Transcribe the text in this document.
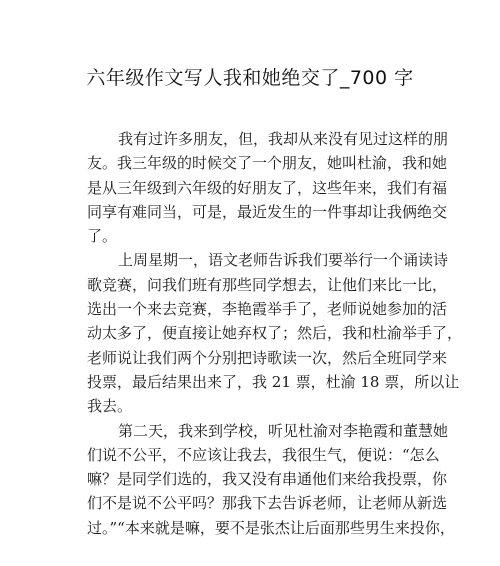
六年级作文写人我和她绝交了_700 字
我有过许多朋友，但，我却从来没有见过这样的朋
友。我三年级的时候交了一个朋友，她叫杜渝，我和她
是从三年级到六年级的好朋友了，这些年来，我们有福
同享有难同当，可是，最近发生的一件事却让我俩绝交
了。
上周星期一，语文老师告诉我们要举行一个诵读诗
歌竞赛，问我们班有那些同学想去，让他们来比一比，
选出一个来去竞赛，李艳霞举手了，老师说她参加的活
动太多了，便直接让她弃权了；然后，我和杜渝举手了，
老师说让我们两个分别把诗歌读一次，然后全班同学来
投票，最后结果出来了，我 21 票，杜渝 18 票，所以让
我去。
第二天，我来到学校，听见杜渝对李艳霞和董慧她
们说不公平，不应该让我去，我很生气，便说：“怎么
嘛？是同学们选的，我又没有串通他们来给我投票，你
们不是说不公平吗？那我下去告诉老师，让老师从新选
过。”“本来就是嘛，要不是张杰让后面那些男生来投你，
